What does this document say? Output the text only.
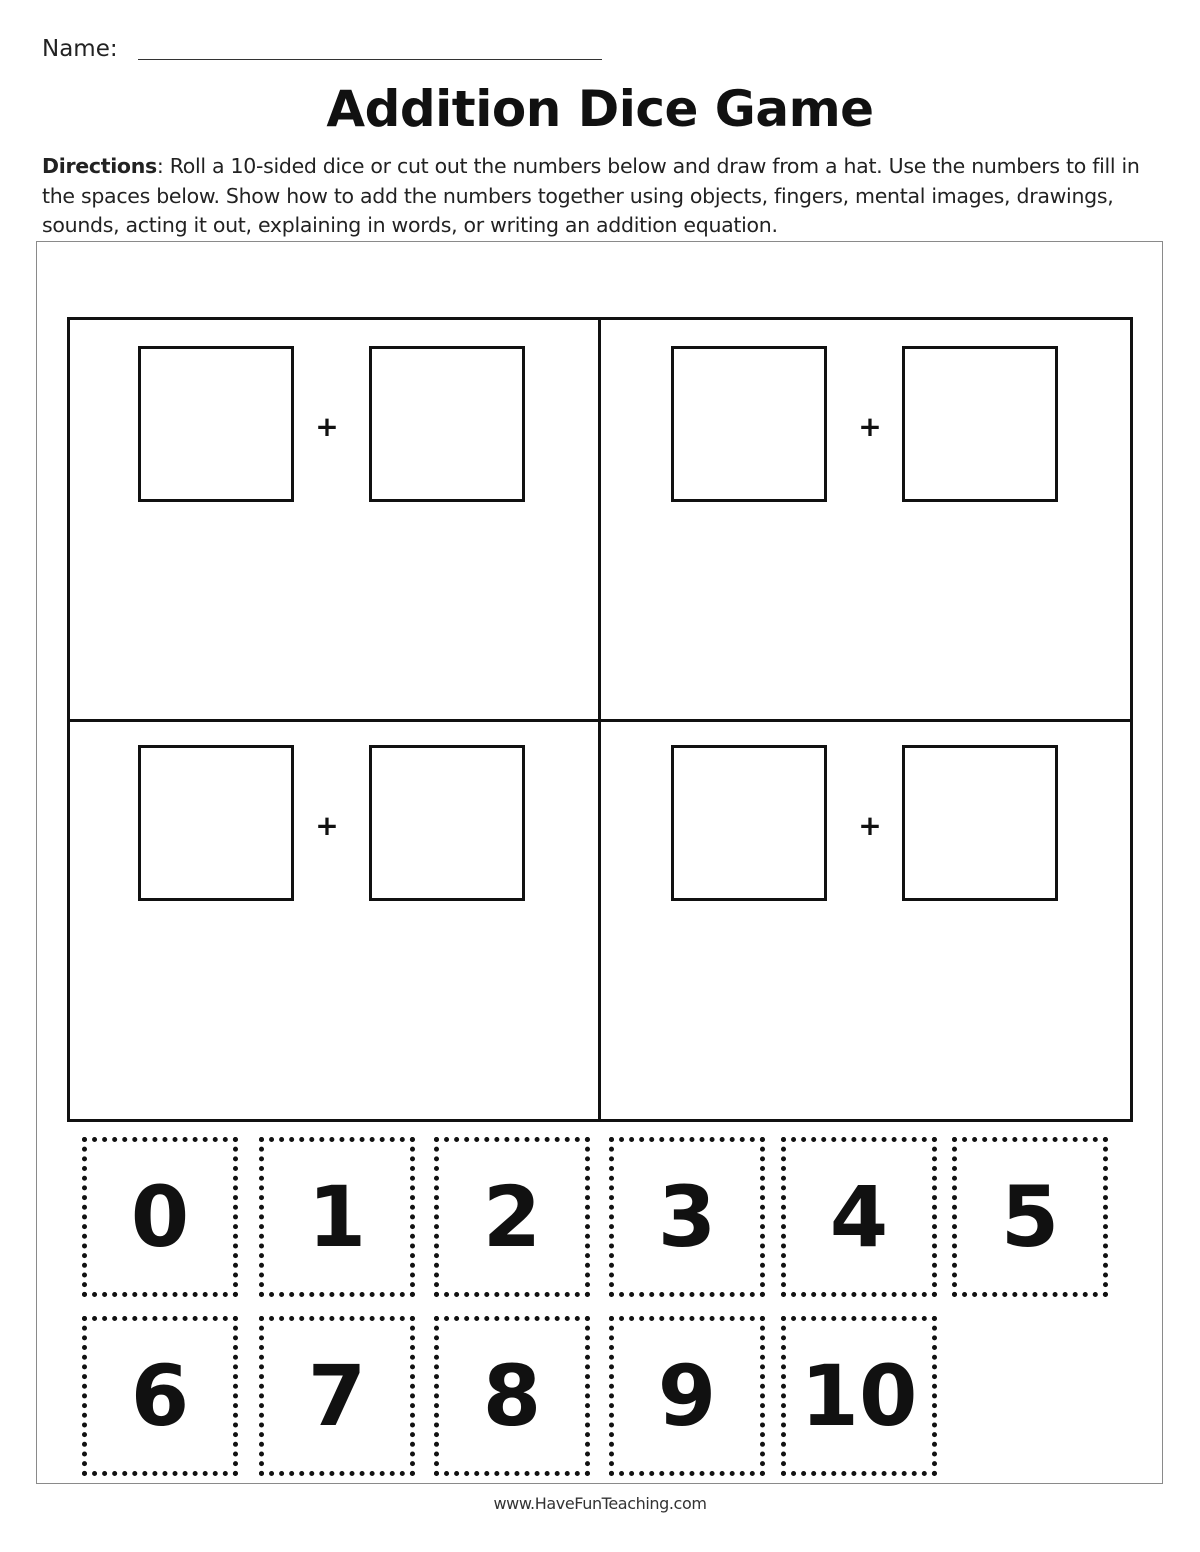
Name:
Addition Dice Game
Directions: Roll a 10-sided dice or cut out the numbers below and draw from a hat. Use the numbers to fill in the spaces below. Show how to add the numbers together using objects, fingers, mental images, drawings, sounds, acting it out, explaining in words, or writing an addition equation.
+	+
+	+
0	1	2	3	4	5
6	7	8	9	10
www.HaveFunTeaching.com
